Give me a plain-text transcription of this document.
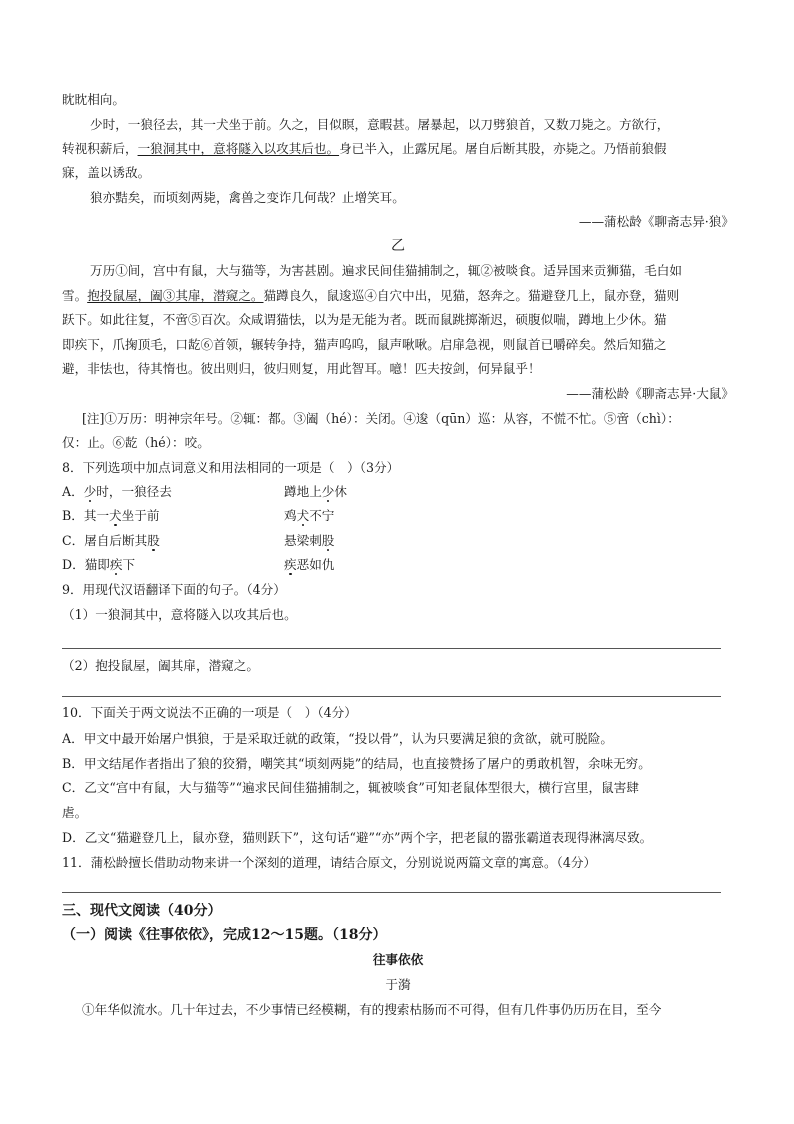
眈眈相向。
少时，一狼径去，其一犬坐于前。久之，目似瞑，意暇甚。屠暴起，以刀劈狼首，又数刀毙之。方欲行，
转视积薪后，一狼洞其中，意将隧入以攻其后也。身已半入，止露尻尾。屠自后断其股，亦毙之。乃悟前狼假
寐，盖以诱敌。
狼亦黠矣，而顷刻两毙，禽兽之变诈几何哉？止增笑耳。
——蒲松龄《聊斋志异·狼》
乙
万历①间，宫中有鼠，大与猫等，为害甚剧。遍求民间佳猫捕制之，辄②被啖食。适异国来贡狮猫，毛白如
雪。抱投鼠屋，阖③其扉，潜窥之。猫蹲良久，鼠逡巡④自穴中出，见猫，怒奔之。猫避登几上，鼠亦登，猫则
跃下。如此往复，不啻⑤百次。众咸谓猫怯，以为是无能为者。既而鼠跳掷渐迟，硕腹似喘，蹲地上少休。猫
即疾下，爪掬顶毛，口龁⑥首领，辗转争持，猫声呜呜，鼠声啾啾。启扉急视，则鼠首已嚼碎矣。然后知猫之
避，非怯也，待其惰也。彼出则归，彼归则复，用此智耳。噫！匹夫按剑，何异鼠乎！
——蒲松龄《聊斋志异·大鼠》
[注]①万历：明神宗年号。②辄：都。③阖（hé）：关闭。④逡（qūn）巡：从容，不慌不忙。⑤啻（chì）：
仅：止。⑥龁（hé）：咬。
8．下列选项中加点词意义和用法相同的一项是（　）（3分）
A．少时，一狼径去	蹲地上少休
B．其一犬坐于前	鸡犬不宁
C．屠自后断其股	悬梁刺股
D．猫即疾下	疾恶如仇
9．用现代汉语翻译下面的句子。（4分）
（1）一狼洞其中，意将隧入以攻其后也。
（2）抱投鼠屋，阖其扉，潜窥之。
10．下面关于两文说法不正确的一项是（　）（4分）
A．甲文中最开始屠户惧狼，于是采取迁就的政策，“投以骨”，认为只要满足狼的贪欲，就可脱险。
B．甲文结尾作者指出了狼的狡猾，嘲笑其“顷刻两毙”的结局，也直接赞扬了屠户的勇敢机智，余味无穷。
C．乙文“宫中有鼠，大与猫等”“遍求民间佳猫捕制之，辄被啖食”可知老鼠体型很大，横行宫里，鼠害肆
虐。
D．乙文“猫避登几上，鼠亦登，猫则跃下”，这句话“避”“亦”两个字，把老鼠的嚣张霸道表现得淋漓尽致。
11．蒲松龄擅长借助动物来讲一个深刻的道理，请结合原文，分别说说两篇文章的寓意。（4分）
三、现代文阅读（40分）
（一）阅读《往事依依》，完成12～15题。（18分）
往事依依
于漪
①年华似流水。几十年过去，不少事情已经模糊，有的搜索枯肠而不可得，但有几件事仍历历在目，至今
